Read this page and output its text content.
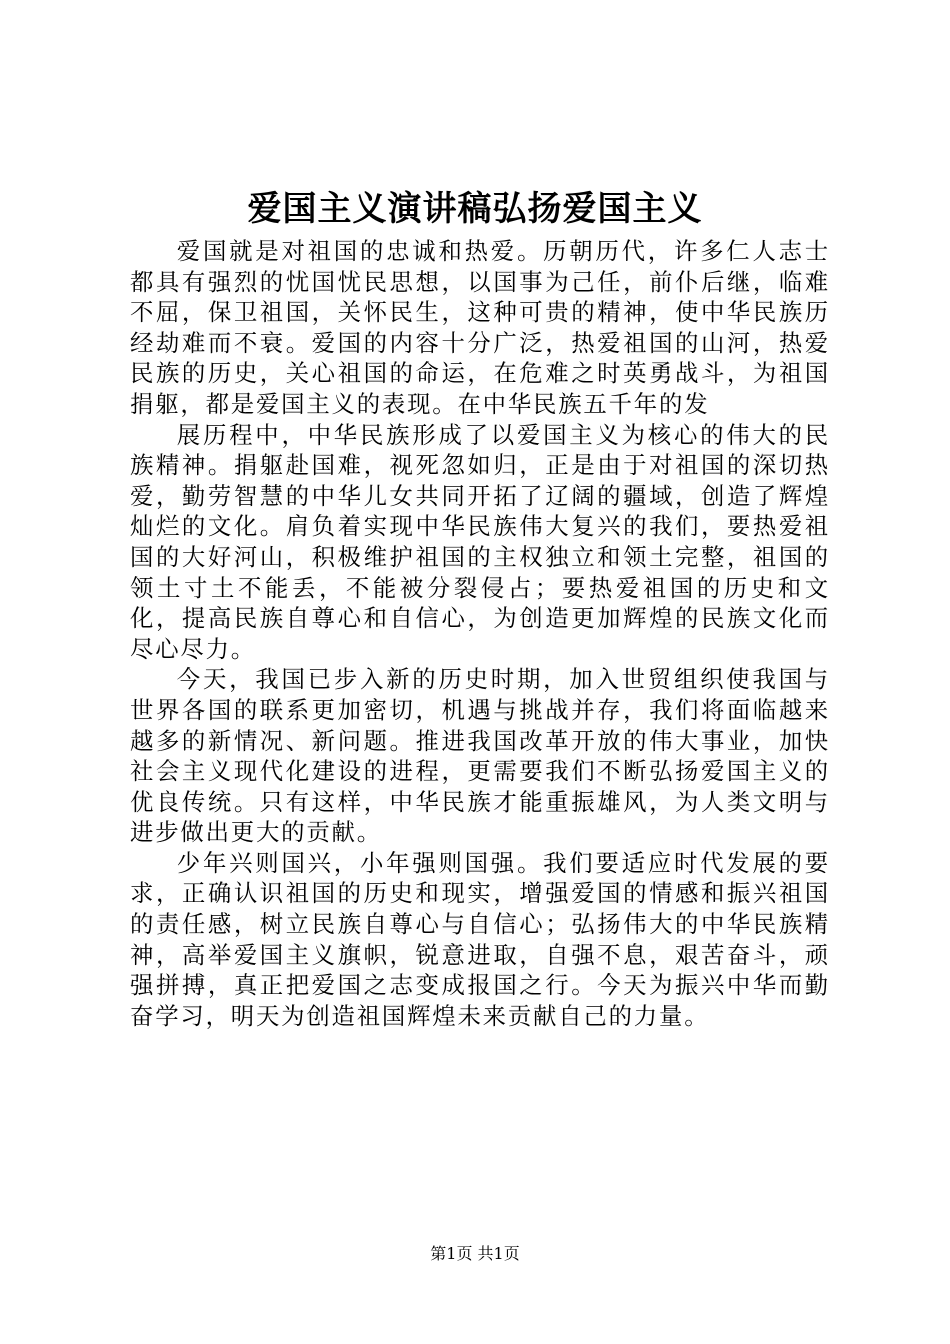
爱国主义演讲稿弘扬爱国主义

爱国就是对祖国的忠诚和热爱。历朝历代，许多仁人志士都具有强烈的忧国忧民思想，以国事为己任，前仆后继，临难不屈，保卫祖国，关怀民生，这种可贵的精神，使中华民族历经劫难而不衰。爱国的内容十分广泛，热爱祖国的山河，热爱民族的历史，关心祖国的命运，在危难之时英勇战斗，为祖国捐躯，都是爱国主义的表现。在中华民族五千年的发

展历程中，中华民族形成了以爱国主义为核心的伟大的民族精神。捐躯赴国难，视死忽如归，正是由于对祖国的深切热爱，勤劳智慧的中华儿女共同开拓了辽阔的疆域，创造了辉煌灿烂的文化。肩负着实现中华民族伟大复兴的我们，要热爱祖国的大好河山，积极维护祖国的主权独立和领土完整，祖国的领土寸土不能丢，不能被分裂侵占；要热爱祖国的历史和文化，提高民族自尊心和自信心，为创造更加辉煌的民族文化而尽心尽力。

今天，我国已步入新的历史时期，加入世贸组织使我国与世界各国的联系更加密切，机遇与挑战并存，我们将面临越来越多的新情况、新问题。推进我国改革开放的伟大事业，加快社会主义现代化建设的进程，更需要我们不断弘扬爱国主义的优良传统。只有这样，中华民族才能重振雄风，为人类文明与进步做出更大的贡献。

少年兴则国兴，小年强则国强。我们要适应时代发展的要求，正确认识祖国的历史和现实，增强爱国的情感和振兴祖国的责任感，树立民族自尊心与自信心；弘扬伟大的中华民族精神，高举爱国主义旗帜，锐意进取，自强不息，艰苦奋斗，顽强拼搏，真正把爱国之志变成报国之行。今天为振兴中华而勤奋学习，明天为创造祖国辉煌未来贡献自己的力量。

第1页 共1页
